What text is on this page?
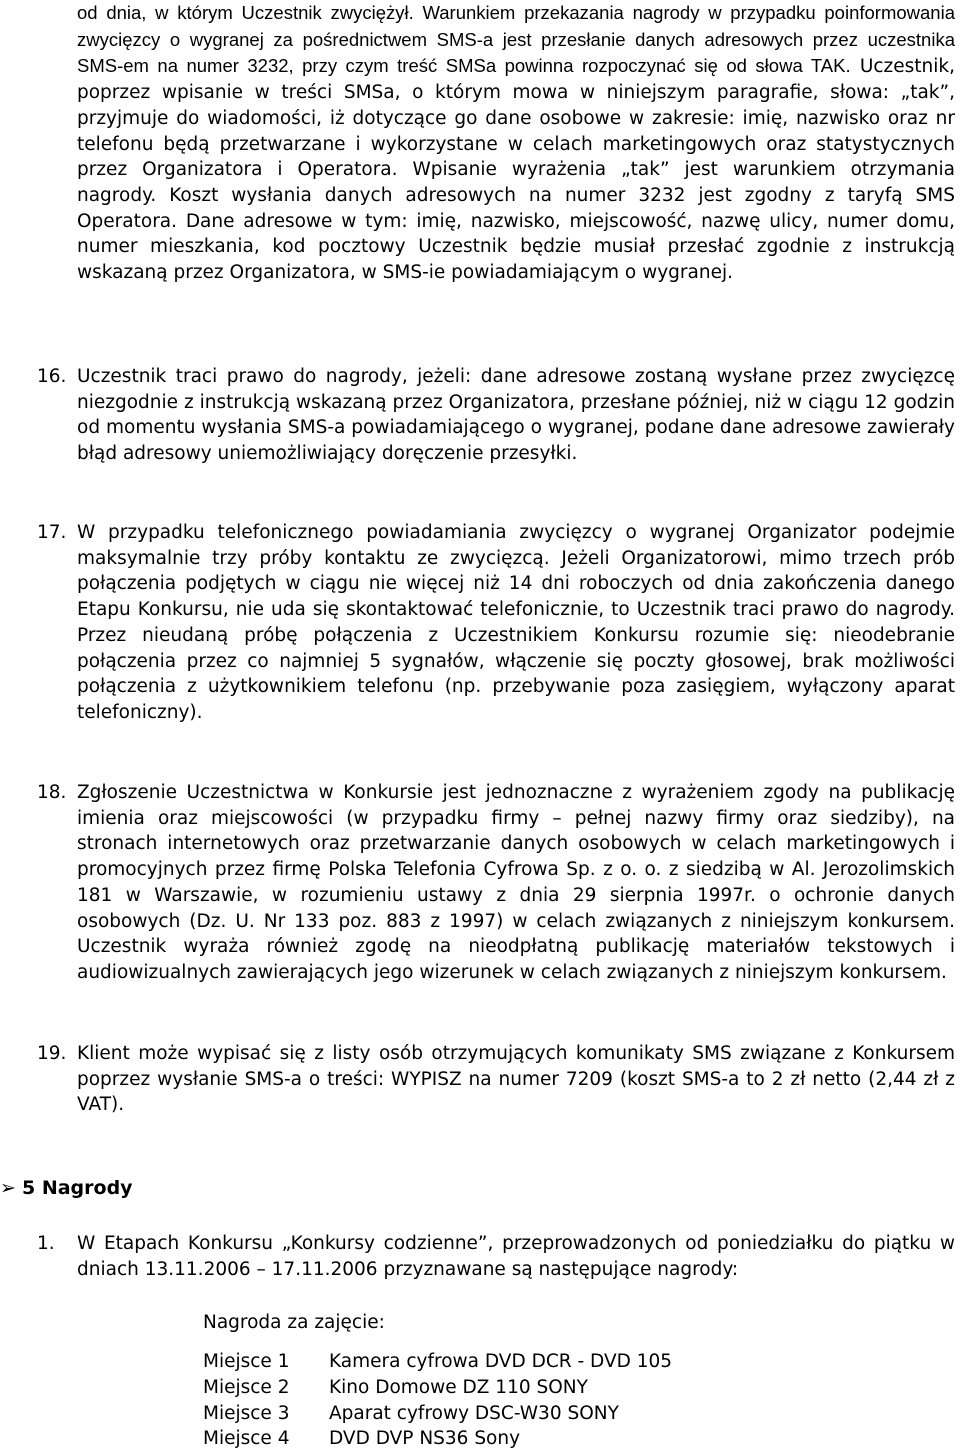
od dnia, w którym Uczestnik zwyciężył. Warunkiem przekazania nagrody w przypadku poinformowania zwycięzcy o wygranej za pośrednictwem SMS-a jest przesłanie danych adresowych przez uczestnika SMS-em na numer 3232, przy czym treść SMSa powinna rozpoczynać się od słowa TAK. Uczestnik, poprzez wpisanie w treści SMSa, o którym mowa w niniejszym paragrafie, słowa: „tak”, przyjmuje do wiadomości, iż dotyczące go dane osobowe w zakresie: imię, nazwisko oraz nr telefonu będą przetwarzane i wykorzystane w celach marketingowych oraz statystycznych przez Organizatora i Operatora. Wpisanie wyrażenia „tak” jest warunkiem otrzymania nagrody. Koszt wysłania danych adresowych na numer 3232 jest zgodny z taryfą SMS Operatora. Dane adresowe w tym: imię, nazwisko, miejscowość, nazwę ulicy, numer domu, numer mieszkania, kod pocztowy Uczestnik będzie musiał przesłać zgodnie z instrukcją wskazaną przez Organizatora, w SMS-ie powiadamiającym o wygranej.

16. Uczestnik traci prawo do nagrody, jeżeli: dane adresowe zostaną wysłane przez zwycięzcę niezgodnie z instrukcją wskazaną przez Organizatora, przesłane później, niż w ciągu 12 godzin od momentu wysłania SMS-a powiadamiającego o wygranej, podane dane adresowe zawierały błąd adresowy uniemożliwiający doręczenie przesyłki.

17. W przypadku telefonicznego powiadamiania zwycięzcy o wygranej Organizator podejmie maksymalnie trzy próby kontaktu ze zwycięzcą. Jeżeli Organizatorowi, mimo trzech prób połączenia podjętych w ciągu nie więcej niż 14 dni roboczych od dnia zakończenia danego Etapu Konkursu, nie uda się skontaktować telefonicznie, to Uczestnik traci prawo do nagrody. Przez nieudaną próbę połączenia z Uczestnikiem Konkursu rozumie się: nieodebranie połączenia przez co najmniej 5 sygnałów, włączenie się poczty głosowej, brak możliwości połączenia z użytkownikiem telefonu (np. przebywanie poza zasięgiem, wyłączony aparat telefoniczny).

18. Zgłoszenie Uczestnictwa w Konkursie jest jednoznaczne z wyrażeniem zgody na publikację imienia oraz miejscowości (w przypadku firmy – pełnej nazwy firmy oraz siedziby), na stronach internetowych oraz przetwarzanie danych osobowych w celach marketingowych i promocyjnych przez firmę Polska Telefonia Cyfrowa Sp. z o. o. z siedzibą w Al. Jerozolimskich 181 w Warszawie, w rozumieniu ustawy z dnia 29 sierpnia 1997r. o ochronie danych osobowych (Dz. U. Nr 133 poz. 883 z 1997) w celach związanych z niniejszym konkursem. Uczestnik wyraża również zgodę na nieodpłatną publikację materiałów tekstowych i audiowizualnych zawierających jego wizerunek w celach związanych z niniejszym konkursem.

19. Klient może wypisać się z listy osób otrzymujących komunikaty SMS związane z Konkursem poprzez wysłanie SMS-a o treści: WYPISZ na numer 7209 (koszt SMS-a to 2 zł netto (2,44 zł z VAT).

➢ 5 Nagrody
1. W Etapach Konkursu „Konkursy codzienne”, przeprowadzonych od poniedziałku do piątku w dniach 13.11.2006 – 17.11.2006 przyznawane są następujące nagrody:

Nagroda za zajęcie:
Miejsce 1	Kamera cyfrowa DVD DCR - DVD 105
Miejsce 2	Kino Domowe DZ 110 SONY
Miejsce 3	Aparat cyfrowy DSC-W30 SONY
Miejsce 4	DVD DVP NS36 Sony
